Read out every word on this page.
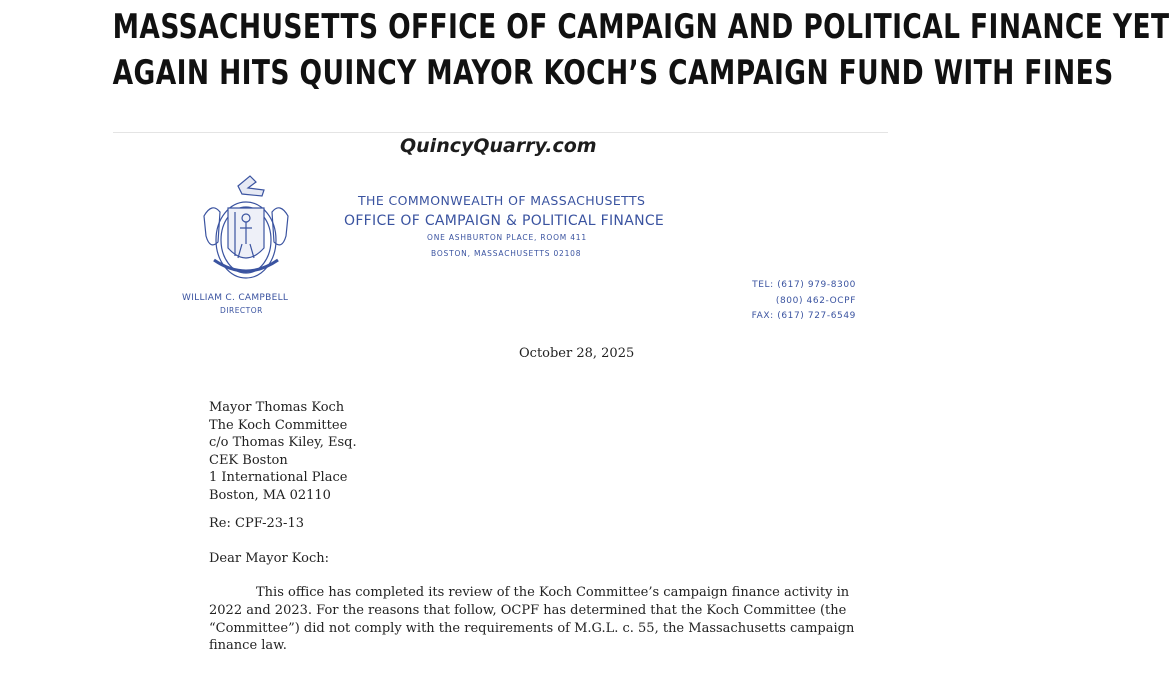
MASSACHUSETTS OFFICE OF CAMPAIGN AND POLITICAL FINANCE YET
AGAIN HITS QUINCY MAYOR KOCH’S CAMPAIGN FUND WITH FINES
QuincyQuarry.com
THE COMMONWEALTH OF MASSACHUSETTS
OFFICE OF CAMPAIGN & POLITICAL FINANCE
ONE ASHBURTON PLACE, ROOM 411
BOSTON, MASSACHUSETTS 02108
WILLIAM C. CAMPBELL
DIRECTOR
TEL: (617) 979-8300
(800) 462-OCPF
FAX: (617) 727-6549
October 28, 2025
Mayor Thomas Koch
The Koch Committee
c/o Thomas Kiley, Esq.
CEK Boston
1 International Place
Boston, MA 02110
Re: CPF-23-13
Dear Mayor Koch:
This office has completed its review of the Koch Committee’s campaign finance activity in
2022 and 2023. For the reasons that follow, OCPF has determined that the Koch Committee (the
“Committee”) did not comply with the requirements of M.G.L. c. 55, the Massachusetts campaign
finance law.
